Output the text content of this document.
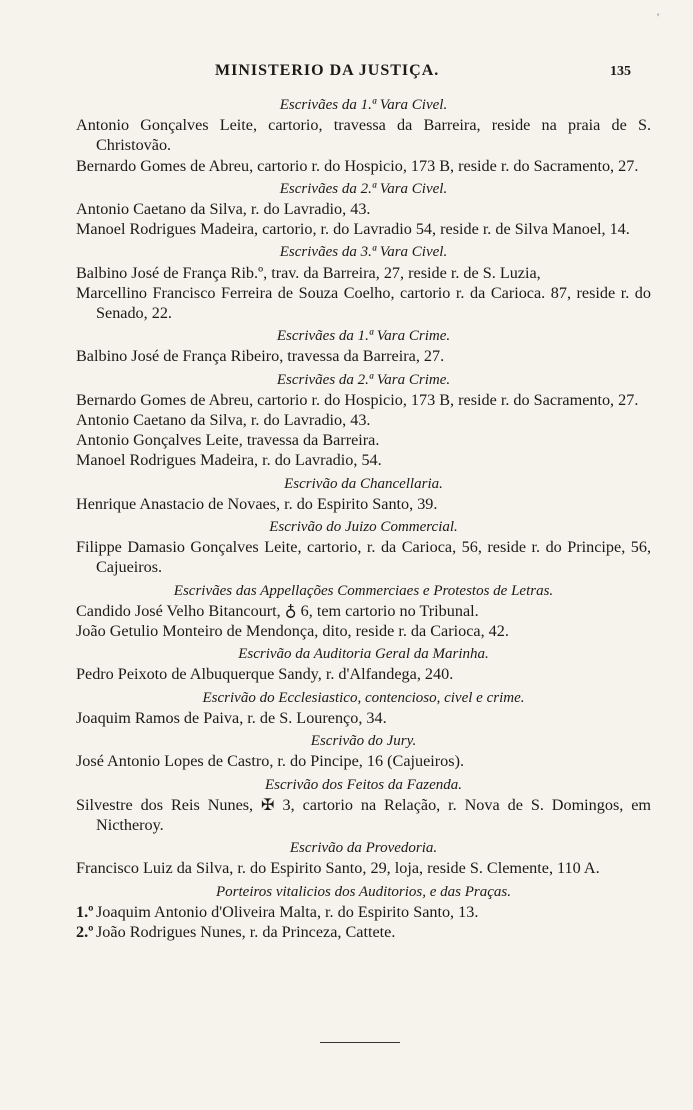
MINISTERIO DA JUSTIÇA.	135
Escrivães da 1.ª Vara Civel.

Antonio Gonçalves Leite, cartorio, travessa da Barreira, reside na praia de S. Christovão.

Bernardo Gomes de Abreu, cartorio r. do Hospicio, 173 B, reside r. do Sacramento, 27.

Escrivães da 2.ª Vara Civel.

Antonio Caetano da Silva, r. do Lavradio, 43.

Manoel Rodrigues Madeira, cartorio, r. do Lavradio 54, reside r. de Silva Manoel, 14.

Escrivães da 3.ª Vara Civel.

Balbino José de França Rib.º, trav. da Barreira, 27, reside r. de S. Luzia,

Marcellino Francisco Ferreira de Souza Coelho, cartorio r. da Carioca. 87, reside r. do Senado, 22.

Escrivães da 1.ª Vara Crime.

Balbino José de França Ribeiro, travessa da Barreira, 27.

Escrivães da 2.ª Vara Crime.

Bernardo Gomes de Abreu, cartorio r. do Hospicio, 173 B, reside r. do Sacramento, 27.

Antonio Caetano da Silva, r. do Lavradio, 43.

Antonio Gonçalves Leite, travessa da Barreira.

Manoel Rodrigues Madeira, r. do Lavradio, 54.

Escrivão da Chancellaria.

Henrique Anastacio de Novaes, r. do Espirito Santo, 39.

Escrivão do Juizo Commercial.

Filippe Damasio Gonçalves Leite, cartorio, r. da Carioca, 56, reside r. do Principe, 56, Cajueiros.

Escrivães das Appellações Commerciaes e Protestos de Letras.

Candido José Velho Bitancourt, ♁ 6, tem cartorio no Tribunal.

João Getulio Monteiro de Mendonça, dito, reside r. da Carioca, 42.

Escrivão da Auditoria Geral da Marinha.

Pedro Peixoto de Albuquerque Sandy, r. d'Alfandega, 240.

Escrivão do Ecclesiastico, contencioso, civel e crime.

Joaquim Ramos de Paiva, r. de S. Lourenço, 34.

Escrivão do Jury.

José Antonio Lopes de Castro, r. do Pincipe, 16 (Cajueiros).

Escrivão dos Feitos da Fazenda.

Silvestre dos Reis Nunes, ✠ 3, cartorio na Relação, r. Nova de S. Domingos, em Nictheroy.

Escrivão da Provedoria.

Francisco Luiz da Silva, r. do Espirito Santo, 29, loja, reside S. Clemente, 110 A.

Porteiros vitalicios dos Auditorios, e das Praças.

1.º Joaquim Antonio d'Oliveira Malta, r. do Espirito Santo, 13.

2.º João Rodrigues Nunes, r. da Princeza, Cattete.

'
